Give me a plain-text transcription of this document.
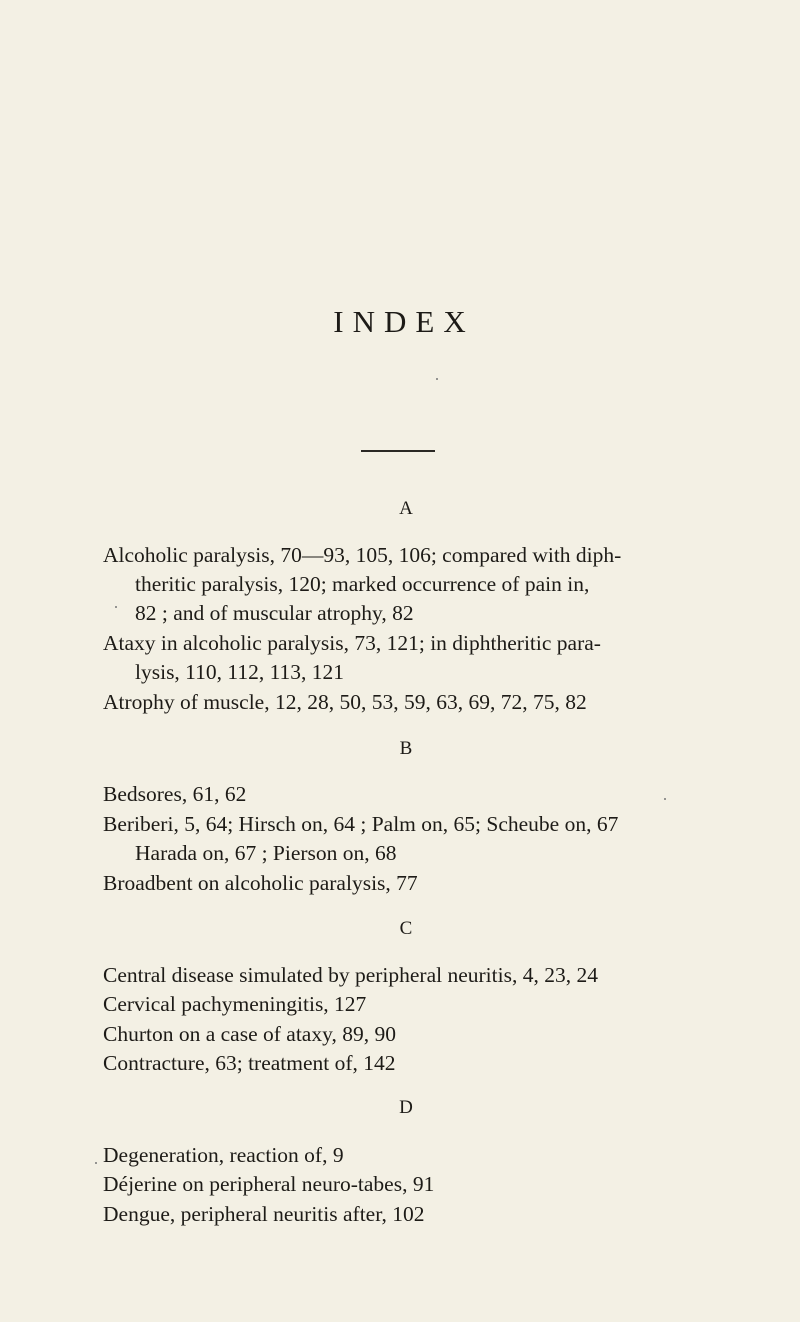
INDEX
A
Alcoholic paralysis, 70—93, 105, 106; compared with diph-
theritic paralysis, 120; marked occurrence of pain in,
82 ; and of muscular atrophy, 82
Ataxy in alcoholic paralysis, 73, 121; in diphtheritic para-
lysis, 110, 112, 113, 121
Atrophy of muscle, 12, 28, 50, 53, 59, 63, 69, 72, 75, 82
B
Bedsores, 61, 62
Beriberi, 5, 64; Hirsch on, 64 ; Palm on, 65; Scheube on, 67
Harada on, 67 ; Pierson on, 68
Broadbent on alcoholic paralysis, 77
C
Central disease simulated by peripheral neuritis, 4, 23, 24
Cervical pachymeningitis, 127
Churton on a case of ataxy, 89, 90
Contracture, 63; treatment of, 142
D
Degeneration, reaction of, 9
Déjerine on peripheral neuro-tabes, 91
Dengue, peripheral neuritis after, 102
